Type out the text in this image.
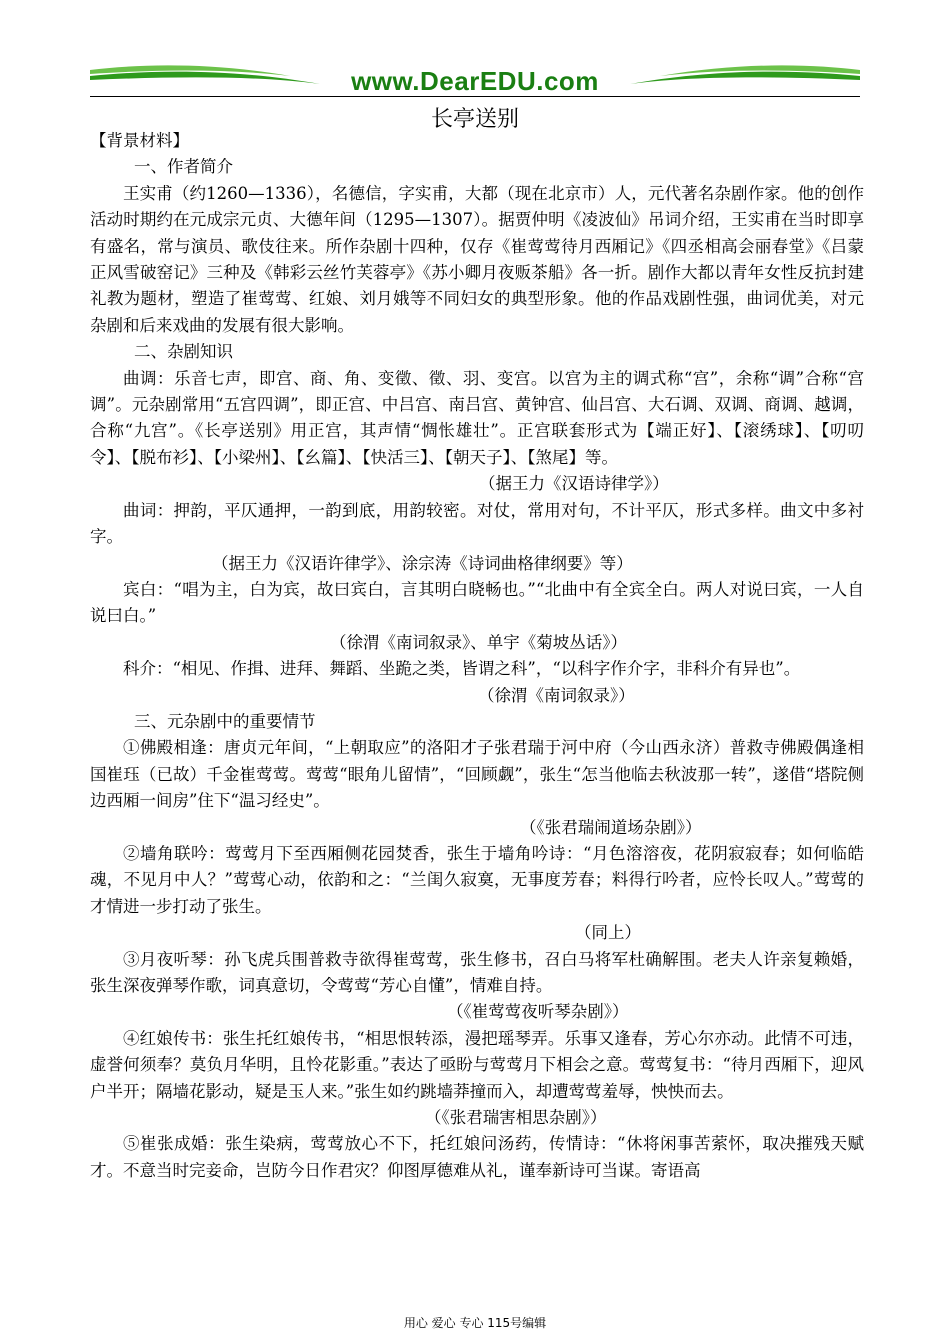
www.DearEDU.com
长亭送别

【背景材料】

一、作者简介

王实甫（约1260—1336），名德信，字实甫，大都（现在北京市）人，元代著名杂剧作家。他的创作活动时期约在元成宗元贞、大德年间（1295—1307）。据贾仲明《凌波仙》吊词介绍，王实甫在当时即享有盛名，常与演员、歌伎往来。所作杂剧十四种，仅存《崔莺莺待月西厢记》《四丞相高会丽春堂》《吕蒙正风雪破窑记》三种及《韩彩云丝竹芙蓉亭》《苏小卿月夜贩茶船》各一折。剧作大都以青年女性反抗封建礼教为题材，塑造了崔莺莺、红娘、刘月娥等不同妇女的典型形象。他的作品戏剧性强，曲词优美，对元杂剧和后来戏曲的发展有很大影响。

二、杂剧知识

曲调：乐音七声，即宫、商、角、变徵、徵、羽、变宫。以宫为主的调式称“宫”，余称“调”合称“宫调”。元杂剧常用“五宫四调”，即正宫、中吕宫、南吕宫、黄钟宫、仙吕宫、大石调、双调、商调、越调，合称“九宫”。《长亭送别》用正宫，其声情“惆怅雄壮”。正宫联套形式为【端正好】、【滚绣球】、【叨叨令】、【脱布衫】、【小梁州】、【幺篇】、【快活三】、【朝天子】、【煞尾】等。

（据王力《汉语诗律学》）

曲词：押韵，平仄通押，一韵到底，用韵较密。对仗，常用对句，不计平仄，形式多样。曲文中多衬字。

（据王力《汉语许律学》、涂宗涛《诗词曲格律纲要》等）

宾白：“唱为主，白为宾，故曰宾白，言其明白晓畅也。”“北曲中有全宾全白。两人对说曰宾，一人自说曰白。”

（徐渭《南词叙录》、单宇《菊坡丛话》）

科介：“相见、作揖、进拜、舞蹈、坐跪之类，皆谓之科”，“以科字作介字，非科介有异也”。

（徐渭《南词叙录》）

三、元杂剧中的重要情节

①佛殿相逢：唐贞元年间，“上朝取应”的洛阳才子张君瑞于河中府（今山西永济）普救寺佛殿偶逢相国崔珏（已故）千金崔莺莺。莺莺“眼角儿留情”，“回顾觑”，张生“怎当他临去秋波那一转”，遂借“塔院侧边西厢一间房”住下“温习经史”。

（《张君瑞闹道场杂剧》）

②墙角联吟：莺莺月下至西厢侧花园焚香，张生于墙角吟诗：“月色溶溶夜，花阴寂寂春；如何临皓魂，不见月中人？”莺莺心动，依韵和之：“兰闺久寂寞，无事度芳春；料得行吟者，应怜长叹人。”莺莺的才情进一步打动了张生。

（同上）

③月夜听琴：孙飞虎兵围普救寺欲得崔莺莺，张生修书，召白马将军杜确解围。老夫人许亲复赖婚，张生深夜弹琴作歌，词真意切，令莺莺“芳心自懂”，情难自持。

（《崔莺莺夜听琴杂剧》）

④红娘传书：张生托红娘传书，“相思恨转添，漫把瑶琴弄。乐事又逢春，芳心尔亦动。此情不可违，虚誉何须奉？莫负月华明，且怜花影重。”表达了亟盼与莺莺月下相会之意。莺莺复书：“待月西厢下，迎风户半开；隔墙花影动，疑是玉人来。”张生如约跳墙莽撞而入，却遭莺莺羞辱，怏怏而去。

（《张君瑞害相思杂剧》）

⑤崔张成婚：张生染病，莺莺放心不下，托红娘问汤药，传情诗：“休将闲事苦萦怀，取决摧残天赋才。不意当时完妾命，岂防今日作君灾？仰图厚德难从礼，谨奉新诗可当谋。寄语高

用心 爱心 专心 115号编辑
